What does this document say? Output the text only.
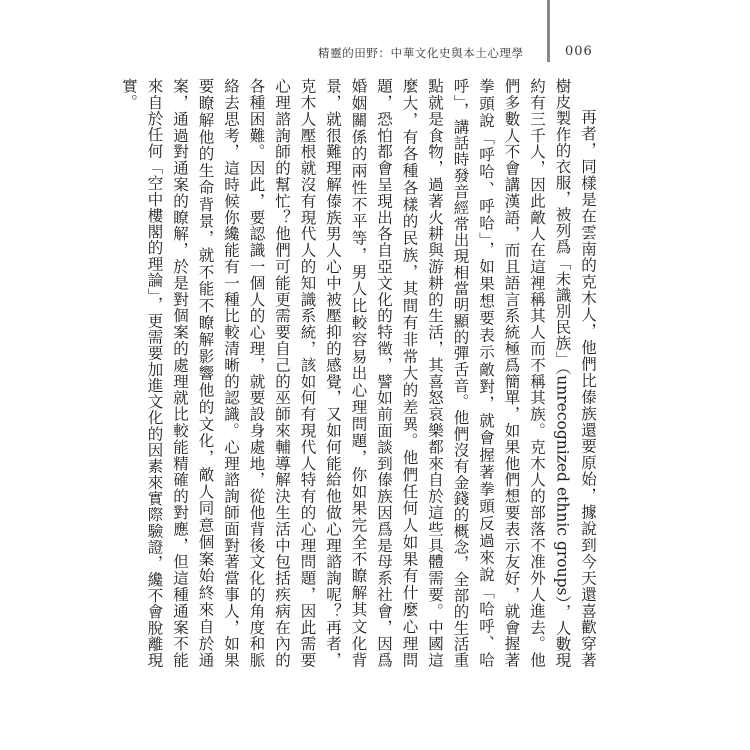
精靈的田野：中華文化史與本土心理學	006

再者，同樣是在雲南的克木人，他們比傣族還要原始，據說到今天還喜歡穿著樹皮製作的衣服，被列爲「未識別民族」（unrecognized ethnic groups），人數現約有三千人，因此敵人在這裡稱其人而不稱其族。克木人的部落不准外人進去。他們多數人不會講漢語，而且語言系統極爲簡單，如果他們想要表示友好，就會握著拳頭說「呼哈、呼哈」，如果想要表示敵對，就會握著拳頭反過來說「哈呼、哈呼」，講話時發音經常出現相當明顯的彈舌音。他們沒有金錢的概念，全部的生活重點就是食物，過著火耕與游耕的生活，其喜怒哀樂都來自於這些具體需要。中國這麼大，有各種各樣的民族，其間有非常大的差異。他們任何人如果有什麼心理問題，恐怕都會呈現出各自亞文化的特徵，譬如前面談到傣族因爲是母系社會，因爲婚姻關係的兩性不平等，男人比較容易出心理問題，你如果完全不瞭解其文化背景，就很難理解傣族男人心中被壓抑的感覺，又如何能給他做心理諮詢呢？再者，克木人壓根就沒有現代人的知識系統，該如何有現代人特有的心理問題，因此需要心理諮詢師的幫忙？他們可能更需要自己的巫師來輔導解決生活中包括疾病在內的各種困難。因此，要認識一個人的心理，就要設身處地，從他背後文化的角度和脈絡去思考，這時候你纔能有一種比較清晰的認識。心理諮詢師面對著當事人，如果要瞭解他的生命背景，就不能不瞭解影響他的文化，敵人同意個案始終來自於通案，通過對通案的瞭解，於是對個案的處理就比較能精確的對應，但這種通案不能來自於任何「空中樓閣的理論」，更需要加進文化的因素來實際驗證，纔不會脫離現實。
